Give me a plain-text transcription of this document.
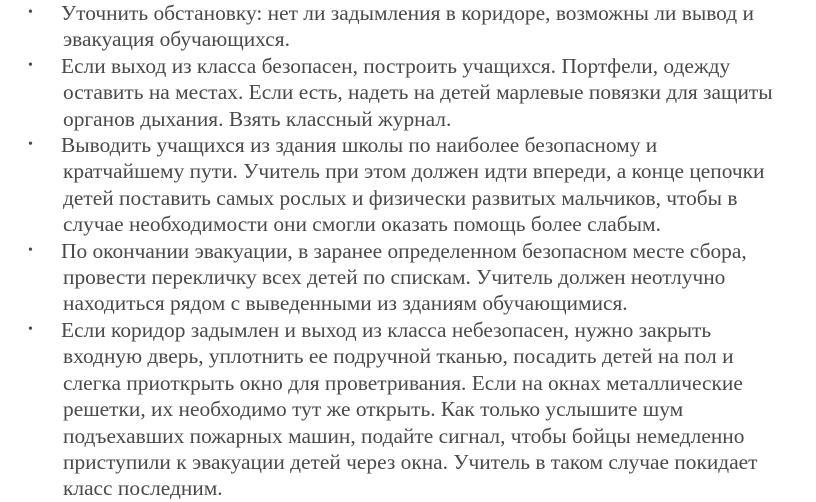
• Уточнить обстановку: нет ли задымления в коридоре, возможны ли вывод и
эвакуация обучающихся.
• Если выход из класса безопасен, построить учащихся. Портфели, одежду
оставить на местах. Если есть, надеть на детей марлевые повязки для защиты
органов дыхания. Взять классный журнал.
• Выводить учащихся из здания школы по наиболее безопасному и
кратчайшему пути. Учитель при этом должен идти впереди, а конце цепочки
детей поставить самых рослых и физически развитых мальчиков, чтобы в
случае необходимости они смогли оказать помощь более слабым.
• По окончании эвакуации, в заранее определенном безопасном месте сбора,
провести перекличку всех детей по спискам. Учитель должен неотлучно
находиться рядом с выведенными из зданиям обучающимися.
• Если коридор задымлен и выход из класса небезопасен, нужно закрыть
входную дверь, уплотнить ее подручной тканью, посадить детей на пол и
слегка приоткрыть окно для проветривания. Если на окнах металлические
решетки, их необходимо тут же открыть. Как только услышите шум
подъехавших пожарных машин, подайте сигнал, чтобы бойцы немедленно
приступили к эвакуации детей через окна. Учитель в таком случае покидает
класс последним.
